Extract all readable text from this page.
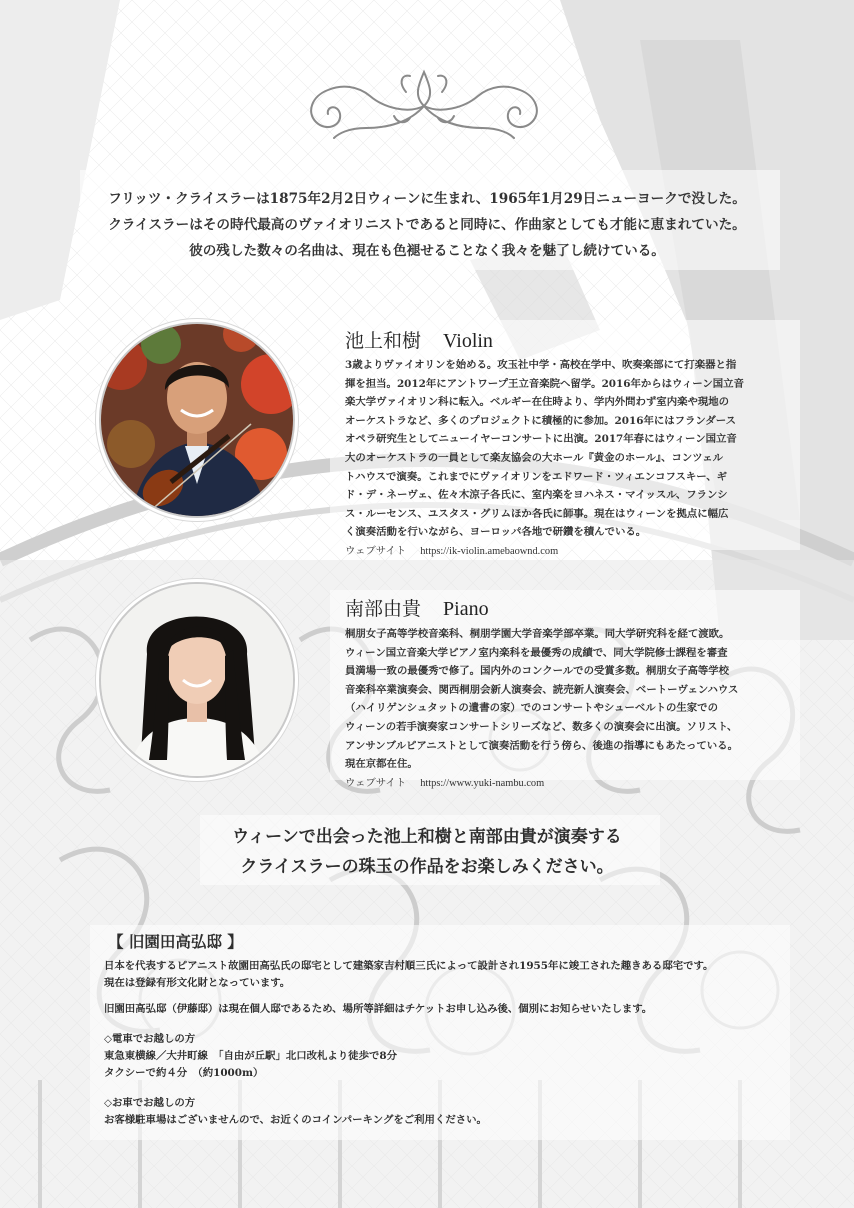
フリッツ・クライスラーは1875年2月2日ウィーンに生まれ、1965年1月29日ニューヨークで没した。
クライスラーはその時代最高のヴァイオリニストであると同時に、作曲家としても才能に恵まれていた。
彼の残した数々の名曲は、現在も色褪せることなく我々を魅了し続けている。
池上和樹 Violin
3歳よりヴァイオリンを始める。攻玉社中学・高校在学中、吹奏楽部にて打楽器と指
揮を担当。2012年にアントワープ王立音楽院へ留学。2016年からはウィーン国立音
楽大学ヴァイオリン科に転入。ベルギー在住時より、学内外問わず室内楽や現地の
オーケストラなど、多くのプロジェクトに積極的に参加。2016年にはフランダース
オペラ研究生としてニューイヤーコンサートに出演。2017年春にはウィーン国立音
大のオーケストラの一員として楽友協会の大ホール『黄金のホール』、コンツェル
トハウスで演奏。これまでにヴァイオリンをエドワード・ツィエンコフスキー、ギ
ド・デ・ネーヴェ、佐々木涼子各氏に、室内楽をヨハネス・マイッスル、フランシ
ス・ルーセンス、ユスタス・グリムほか各氏に師事。現在はウィーンを拠点に幅広
く演奏活動を行いながら、ヨーロッパ各地で研鑽を積んでいる。
ウェブサイト https://ik-violin.amebaownd.com
南部由貴 Piano
桐朋女子高等学校音楽科、桐朋学園大学音楽学部卒業。同大学研究科を経て渡欧。
ウィーン国立音楽大学ピアノ室内楽科を最優秀の成績で、同大学院修士課程を審査
員満場一致の最優秀で修了。国内外のコンクールでの受賞多数。桐朋女子高等学校
音楽科卒業演奏会、関西桐朋会新人演奏会、読売新人演奏会、ベートーヴェンハウス
（ハイリゲンシュタットの遺書の家）でのコンサートやシューベルトの生家での
ウィーンの若手演奏家コンサートシリーズなど、数多くの演奏会に出演。ソリスト、
アンサンブルピアニストとして演奏活動を行う傍ら、後進の指導にもあたっている。
現在京都在住。
ウェブサイト https://www.yuki-nambu.com
ウィーンで出会った池上和樹と南部由貴が演奏する
クライスラーの珠玉の作品をお楽しみください。
【 旧園田高弘邸 】
日本を代表するピアニスト故園田高弘氏の邸宅として建築家吉村順三氏によって設計され1955年に竣工された趣きある邸宅です。
現在は登録有形文化財となっています。
旧園田高弘邸（伊藤邸）は現在個人邸であるため、場所等詳細はチケットお申し込み後、個別にお知らせいたします。
◇電車でお越しの方
東急東横線／大井町線　「自由が丘駅」北口改札より徒歩で8分
タクシーで約４分　（約1000m）
◇お車でお越しの方
お客様駐車場はございませんので、お近くのコインパーキングをご利用ください。
